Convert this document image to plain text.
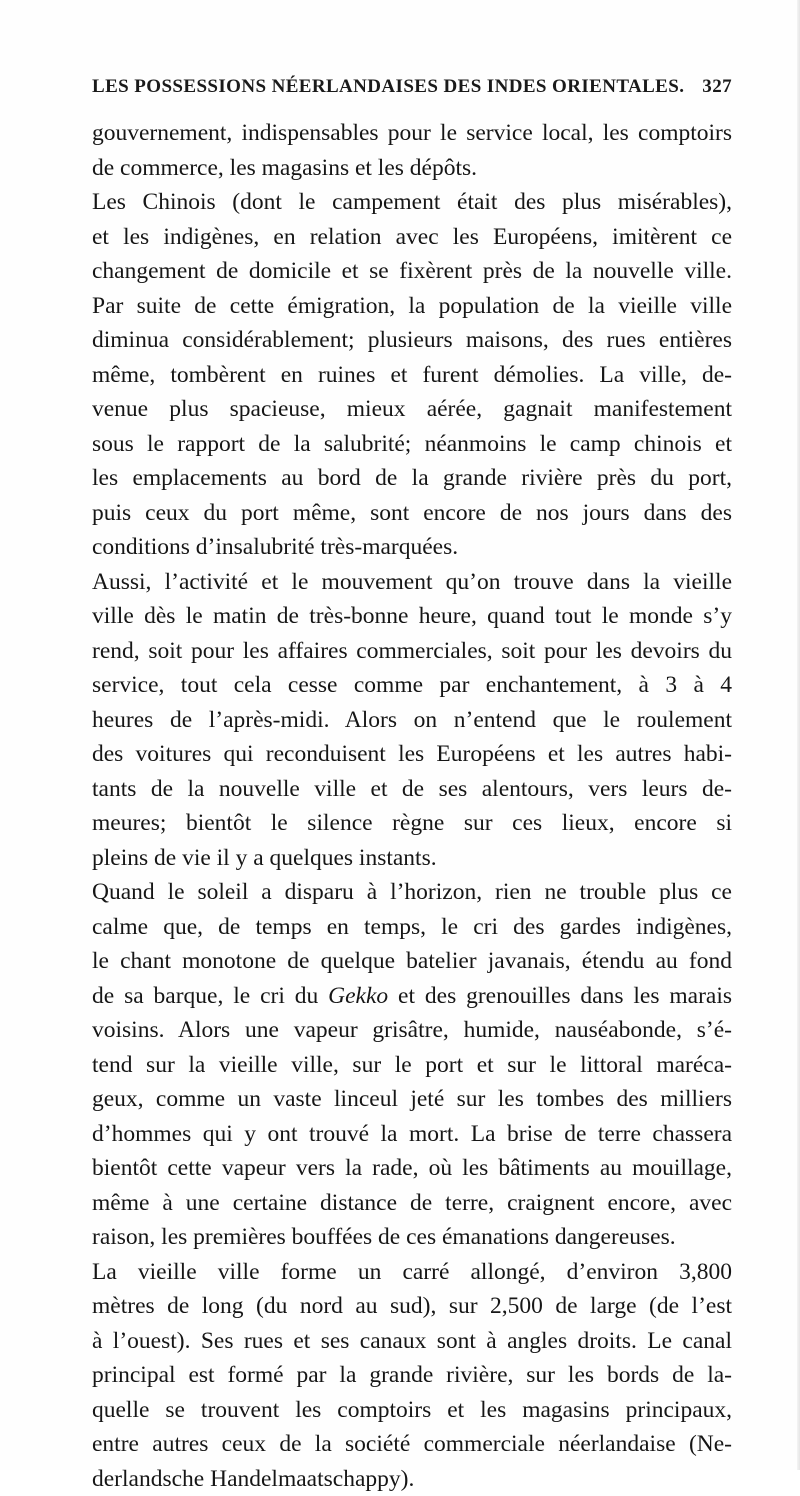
LES POSSESSIONS NÉERLANDAISES DES INDES ORIENTALES. 327
gouvernement, indispensables pour le service local, les comptoirs
de commerce, les magasins et les dépôts.
Les Chinois (dont le campement était des plus misérables),
et les indigènes, en relation avec les Européens, imitèrent ce
changement de domicile et se fixèrent près de la nouvelle ville.
Par suite de cette émigration, la population de la vieille ville
diminua considérablement; plusieurs maisons, des rues entières
même, tombèrent en ruines et furent démolies. La ville, de-
venue plus spacieuse, mieux aérée, gagnait manifestement
sous le rapport de la salubrité; néanmoins le camp chinois et
les emplacements au bord de la grande rivière près du port,
puis ceux du port même, sont encore de nos jours dans des
conditions d’insalubrité très-marquées.
Aussi, l’activité et le mouvement qu’on trouve dans la vieille
ville dès le matin de très-bonne heure, quand tout le monde s’y
rend, soit pour les affaires commerciales, soit pour les devoirs du
service, tout cela cesse comme par enchantement, à 3 à 4
heures de l’après-midi. Alors on n’entend que le roulement
des voitures qui reconduisent les Européens et les autres habi-
tants de la nouvelle ville et de ses alentours, vers leurs de-
meures; bientôt le silence règne sur ces lieux, encore si
pleins de vie il y a quelques instants.
Quand le soleil a disparu à l’horizon, rien ne trouble plus ce
calme que, de temps en temps, le cri des gardes indigènes,
le chant monotone de quelque batelier javanais, étendu au fond
de sa barque, le cri du Gekko et des grenouilles dans les marais
voisins. Alors une vapeur grisâtre, humide, nauséabonde, s’é-
tend sur la vieille ville, sur le port et sur le littoral maréca-
geux, comme un vaste linceul jeté sur les tombes des milliers
d’hommes qui y ont trouvé la mort. La brise de terre chassera
bientôt cette vapeur vers la rade, où les bâtiments au mouillage,
même à une certaine distance de terre, craignent encore, avec
raison, les premières bouffées de ces émanations dangereuses.
La vieille ville forme un carré allongé, d’environ 3,800
mètres de long (du nord au sud), sur 2,500 de large (de l’est
à l’ouest). Ses rues et ses canaux sont à angles droits. Le canal
principal est formé par la grande rivière, sur les bords de la-
quelle se trouvent les comptoirs et les magasins principaux,
entre autres ceux de la société commerciale néerlandaise (Ne-
derlandsche Handelmaatschappy).
